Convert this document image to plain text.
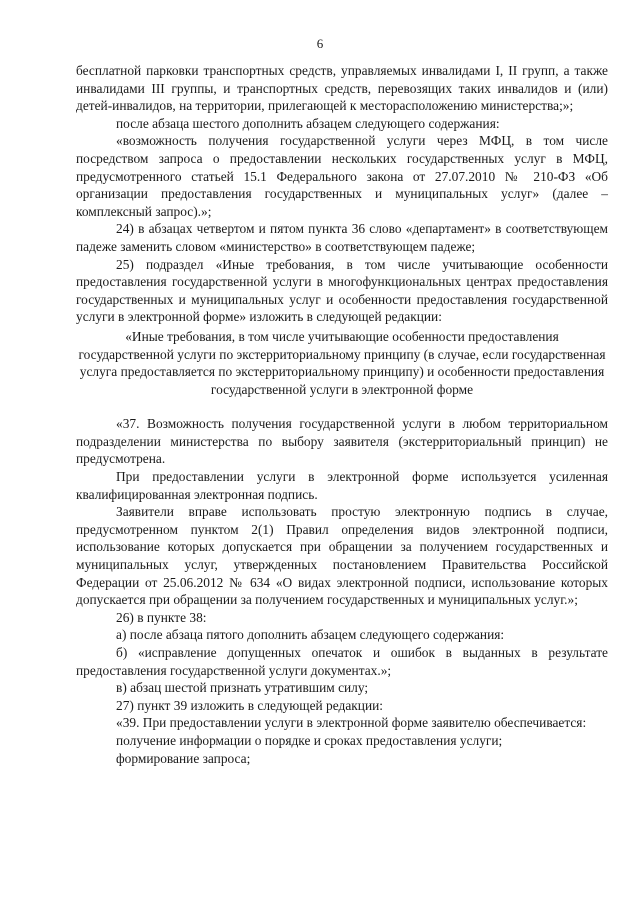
6

бесплатной парковки транспортных средств, управляемых инвалидами I, II групп, а также инвалидами III группы, и транспортных средств, перевозящих таких инвалидов и (или) детей-инвалидов, на территории, прилегающей к месторасположению министерства;»;

после абзаца шестого дополнить абзацем следующего содержания:

«возможность получения государственной услуги через МФЦ, в том числе посредством запроса о предоставлении нескольких государственных услуг в МФЦ, предусмотренного статьей 15.1 Федерального закона от 27.07.2010 № 210-ФЗ «Об организации предоставления государственных и муниципальных услуг» (далее – комплексный запрос).»;

24) в абзацах четвертом и пятом пункта 36 слово «департамент» в соответствующем падеже заменить словом «министерство» в соответствующем падеже;

25) подраздел «Иные требования, в том числе учитывающие особенности предоставления государственной услуги в многофункциональных центрах предоставления государственных и муниципальных услуг и особенности предоставления государственной услуги в электронной форме» изложить в следующей редакции:

«Иные требования, в том числе учитывающие особенности предоставления государственной услуги по экстерриториальному принципу (в случае, если государственная услуга предоставляется по экстерриториальному принципу) и особенности предоставления государственной услуги в электронной форме

«37. Возможность получения государственной услуги в любом территориальном подразделении министерства по выбору заявителя (экстерриториальный принцип) не предусмотрена.

При предоставлении услуги в электронной форме используется усиленная квалифицированная электронная подпись.

Заявители вправе использовать простую электронную подпись в случае, предусмотренном пунктом 2(1) Правил определения видов электронной подписи, использование которых допускается при обращении за получением государственных и муниципальных услуг, утвержденных постановлением Правительства Российской Федерации от 25.06.2012 № 634 «О видах электронной подписи, использование которых допускается при обращении за получением государственных и муниципальных услуг.»;

26) в пункте 38:

а) после абзаца пятого дополнить абзацем следующего содержания:

б) «исправление допущенных опечаток и ошибок в выданных в результате предоставления государственной услуги документах.»;

в) абзац шестой признать утратившим силу;

27) пункт 39 изложить в следующей редакции:

«39. При предоставлении услуги в электронной форме заявителю обеспечивается:

получение информации о порядке и сроках предоставления услуги;

формирование запроса;
